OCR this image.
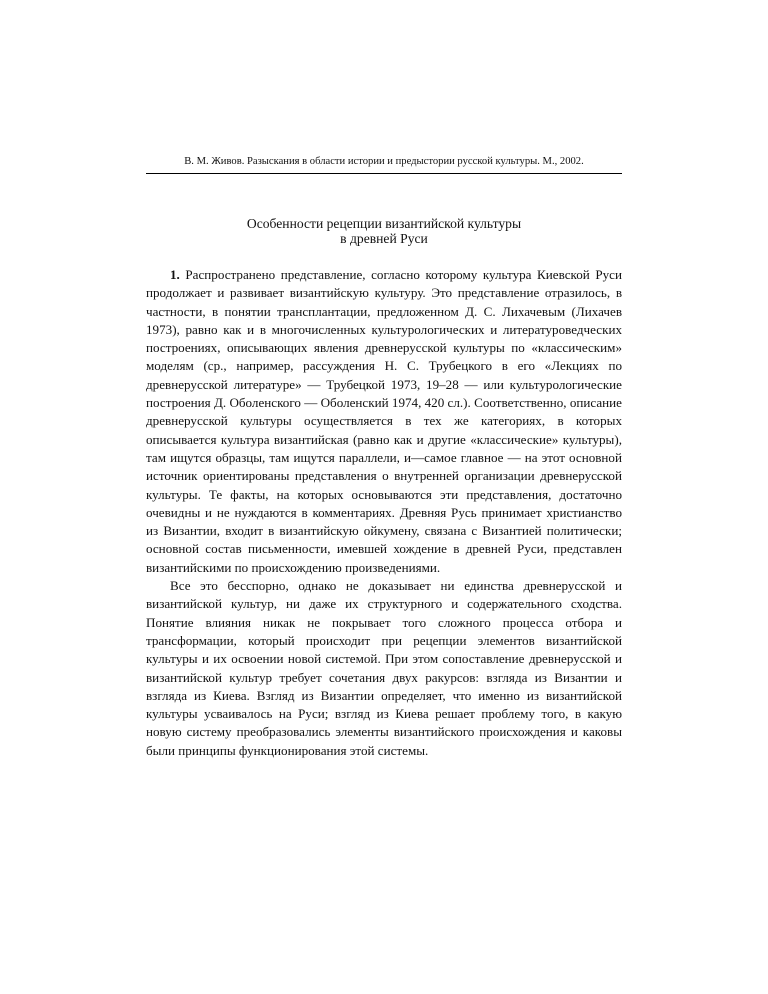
В. М. Живов. Разыскания в области истории и предыстории русской культуры. М., 2002.
Особенности рецепции византийской культуры
в древней Руси

1. Распространено представление, согласно которому культура Киевской Руси продолжает и развивает византийскую культуру. Это представление отразилось, в частности, в понятии трансплантации, предложенном Д. С. Лихачевым (Лихачев 1973), равно как и в многочисленных культурологических и литературоведческих построениях, описывающих явления древнерусской культуры по «классическим» моделям (ср., например, рассуждения Н. С. Трубецкого в его «Лекциях по древнерусской литературе» — Трубецкой 1973, 19–28 — или культурологические построения Д. Оболенского — Оболенский 1974, 420 сл.). Соответственно, описание древнерусской культуры осуществляется в тех же категориях, в которых описывается культура византийская (равно как и другие «классические» культуры), там ищутся образцы, там ищутся параллели, и—самое главное — на этот основной источник ориентированы представления о внутренней организации древнерусской культуры. Те факты, на которых основываются эти представления, достаточно очевидны и не нуждаются в комментариях. Древняя Русь принимает христианство из Византии, входит в византийскую ойкумену, связана с Византией политически; основной состав письменности, имевшей хождение в древней Руси, представлен византийскими по происхождению произведениями.

Все это бесспорно, однако не доказывает ни единства древнерусской и византийской культур, ни даже их структурного и содержательного сходства. Понятие влияния никак не покрывает того сложного процесса отбора и трансформации, который происходит при рецепции элементов византийской культуры и их освоении новой системой. При этом сопоставление древнерусской и византийской культур требует сочетания двух ракурсов: взгляда из Византии и взгляда из Киева. Взгляд из Византии определяет, что именно из византийской культуры усваивалось на Руси; взгляд из Киева решает проблему того, в какую новую систему преобразовались элементы византийского происхождения и каковы были принципы функционирования этой системы.
